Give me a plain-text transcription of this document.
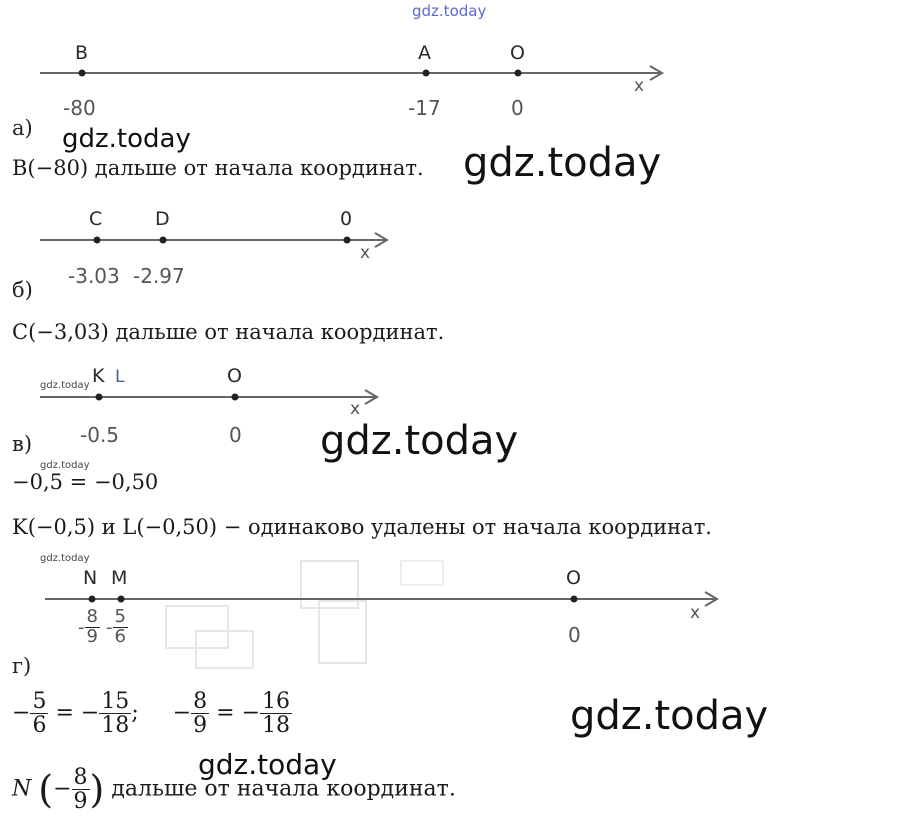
gdz.today
gdz.today
gdz.today
gdz.today
gdz.today
gdz.today
gdz.today
gdz.today
gdz.today
B	A	O
x
-80	-17	0
а)
B(−80) дальше от начала координат.
C	D	0
x
-3.03 -2.97
б)
C(−3,03) дальше от начала координат.
K L	O
x
-0.5	0
в)
−0,5 = −0,50
K(−0,5) и L(−0,50) − одинаково удалены от начала координат.
N M	O
x
- $\frac{8}{9} - \frac{5}{6}$	0
г)
− $\frac{5}{6}$ = − $\frac{15}{18}$ ; − $\frac{8}{9}$ = − $\frac{16}{18}$
N (− $\frac{8}{9}$ ) дальше от начала координат.
